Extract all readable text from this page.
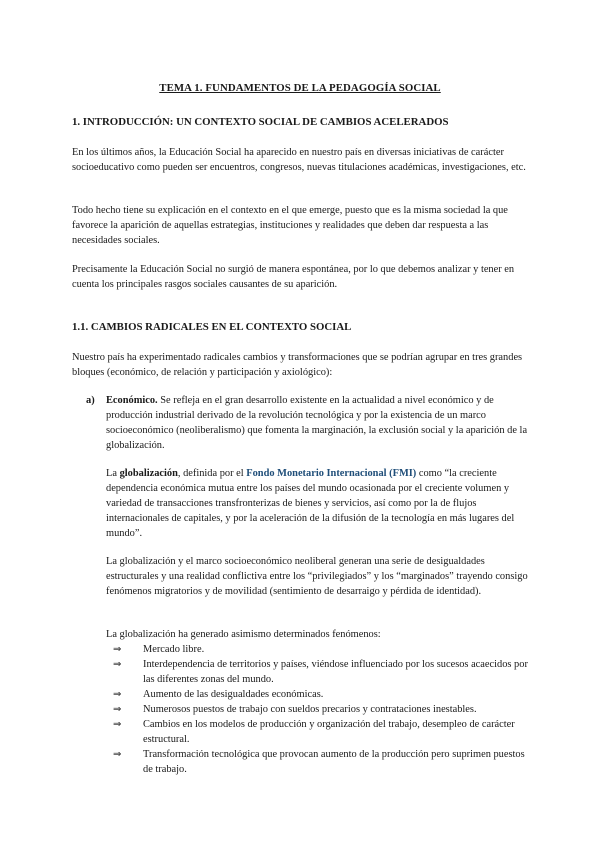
TEMA 1. FUNDAMENTOS DE LA PEDAGOGÍA SOCIAL
1. INTRODUCCIÓN: UN CONTEXTO SOCIAL DE CAMBIOS ACELERADOS

En los últimos años, la Educación Social ha aparecido en nuestro país en diversas iniciativas de carácter socioeducativo como pueden ser encuentros, congresos, nuevas titulaciones académicas, investigaciones, etc.

Todo hecho tiene su explicación en el contexto en el que emerge, puesto que es la misma sociedad la que favorece la aparición de aquellas estrategias, instituciones y realidades que deben dar respuesta a las necesidades sociales.

Precisamente la Educación Social no surgió de manera espontánea, por lo que debemos analizar y tener en cuenta los principales rasgos sociales causantes de su aparición.

1.1. CAMBIOS RADICALES EN EL CONTEXTO SOCIAL

Nuestro país ha experimentado radicales cambios y transformaciones que se podrían agrupar en tres grandes bloques (económico, de relación y participación y axiológico):

a) Económico. Se refleja en el gran desarrollo existente en la actualidad a nivel económico y de producción industrial derivado de la revolución tecnológica y por la existencia de un marco socioeconómico (neoliberalismo) que fomenta la marginación, la exclusión social y la aparición de la globalización.

La globalización, definida por el Fondo Monetario Internacional (FMI) como “la creciente dependencia económica mutua entre los países del mundo ocasionada por el creciente volumen y variedad de transacciones transfronterizas de bienes y servicios, así como por la de flujos internacionales de capitales, y por la aceleración de la difusión de la tecnología en más lugares del mundo”.

La globalización y el marco socioeconómico neoliberal generan una serie de desigualdades estructurales y una realidad conflictiva entre los “privilegiados” y los “marginados” trayendo consigo fenómenos migratorios y de movilidad (sentimiento de desarraigo y pérdida de identidad).

La globalización ha generado asimismo determinados fenómenos:

⇒ Mercado libre.
⇒ Interdependencia de territorios y países, viéndose influenciado por los sucesos acaecidos por las diferentes zonas del mundo.
⇒ Aumento de las desigualdades económicas.
⇒ Numerosos puestos de trabajo con sueldos precarios y contrataciones inestables.
⇒ Cambios en los modelos de producción y organización del trabajo, desempleo de carácter estructural.
⇒ Transformación tecnológica que provocan aumento de la producción pero suprimen puestos de trabajo.
